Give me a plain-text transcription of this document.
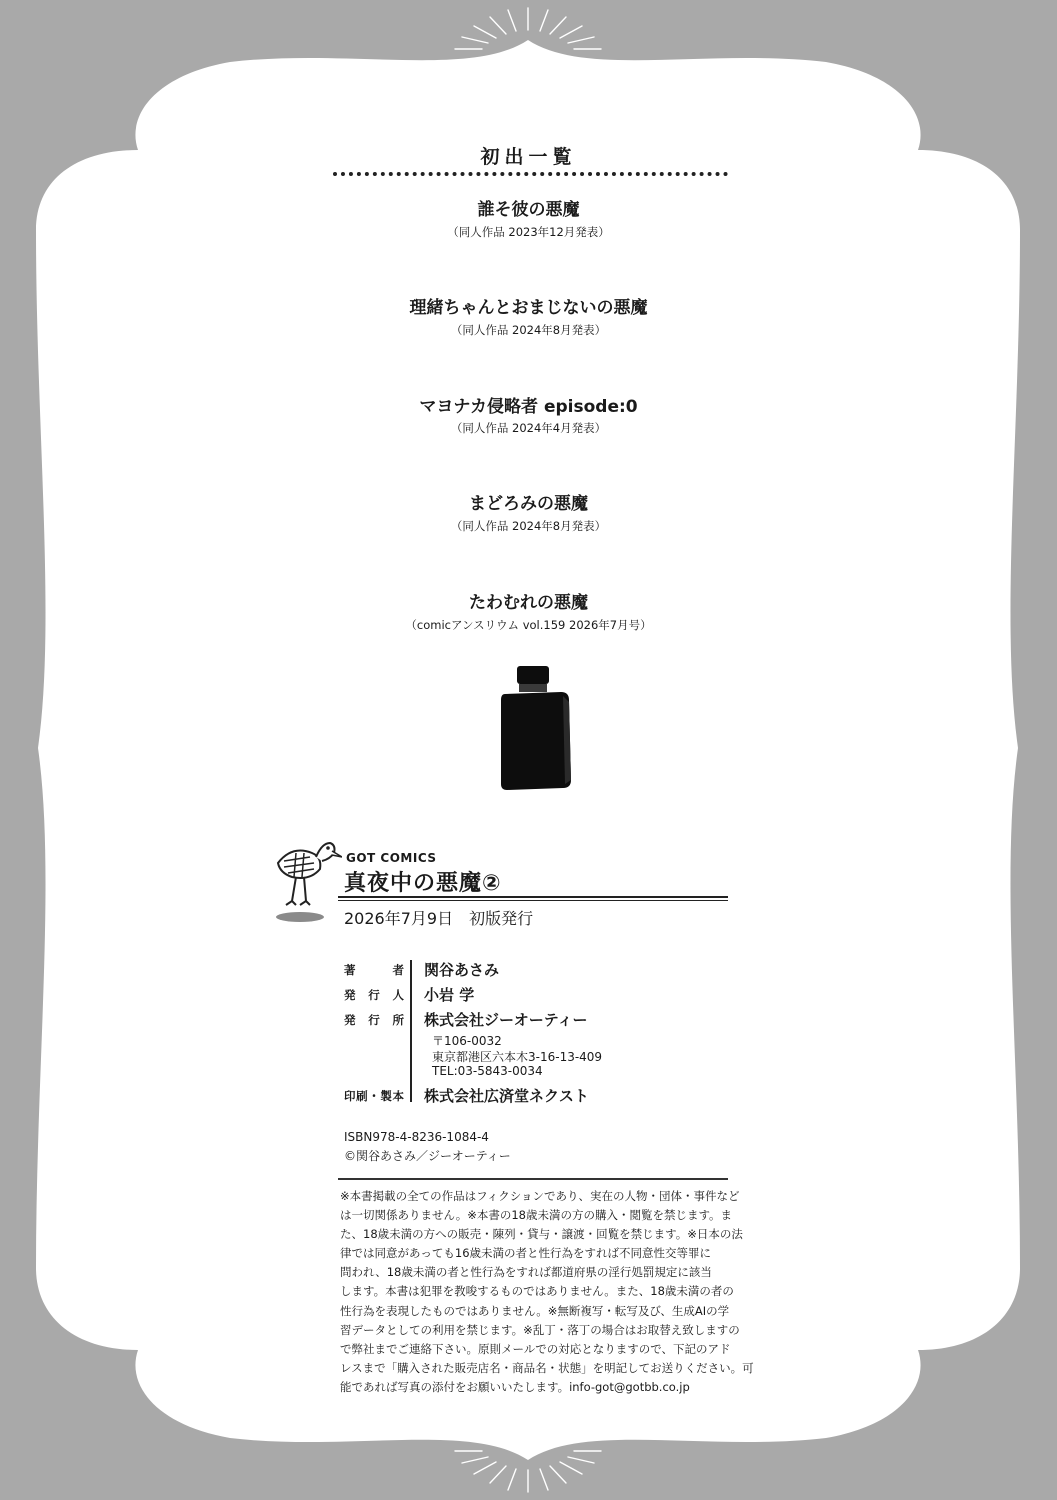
初出一覧
誰そ彼の悪魔
（同人作品 2023年12月発表）
理緒ちゃんとおまじないの悪魔
（同人作品 2024年8月発表）
マヨナカ侵略者 episode:0
（同人作品 2024年4月発表）
まどろみの悪魔
（同人作品 2024年8月発表）
たわむれの悪魔
（comicアンスリウム vol.159 2026年7月号）
GOT COMICS
真夜中の悪魔②
2026年7月9日　初版発行
著者 関谷あさみ
発行人 小岩 学
発行所 株式会社ジーオーティー
〒106-0032
東京都港区六本木3-16-13-409
TEL:03-5843-0034
印刷・製本 株式会社広済堂ネクスト
ISBN978-4-8236-1084-4
©関谷あさみ／ジーオーティー
※本書掲載の全ての作品はフィクションであり、実在の人物・団体・事件など
は一切関係ありません。※本書の18歳未満の方の購入・閲覧を禁じます。ま
た、18歳未満の方への販売・陳列・貸与・譲渡・回覧を禁じます。※日本の法
律では同意があっても16歳未満の者と性行為をすれば不同意性交等罪に
問われ、18歳未満の者と性行為をすれば都道府県の淫行処罰規定に該当
します。本書は犯罪を教唆するものではありません。また、18歳未満の者の
性行為を表現したものではありません。※無断複写・転写及び、生成AIの学
習データとしての利用を禁じます。※乱丁・落丁の場合はお取替え致しますの
で弊社までご連絡下さい。原則メールでの対応となりますので、下記のアド
レスまで「購入された販売店名・商品名・状態」を明記してお送りください。可
能であれば写真の添付をお願いいたします。info-got@gotbb.co.jp
